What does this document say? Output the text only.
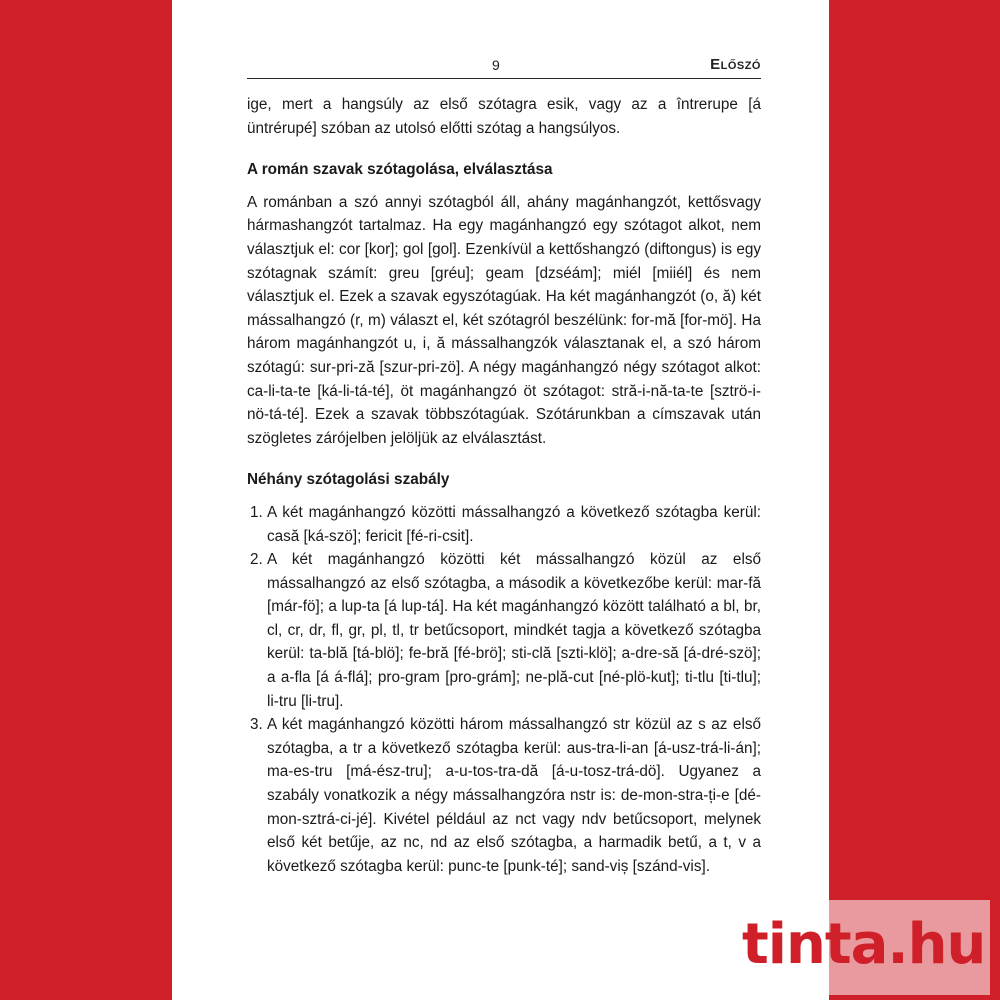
9	Előszó

ige, mert a hangsúly az első szótagra esik, vagy az a întrerupe [á üntrérupé] szóban az utolsó előtti szótag a hangsúlyos.

A román szavak szótagolása, elválasztása

A románban a szó annyi szótagból áll, ahány magánhangzót, kettősvagy hármashangzót tartalmaz. Ha egy magánhangzó egy szótagot alkot, nem választjuk el: cor [kor]; gol [gol]. Ezenkívül a kettőshangzó (diftongus) is egy szótagnak számít: greu [gréu]; geam [dzséám]; miél [miiél] és nem választjuk el. Ezek a szavak egyszótagúak. Ha két magánhangzót (o, ă) két mássalhangzó (r, m) választ el, két szótagról beszélünk: for-mă [for-mö]. Ha három magánhangzót u, i, ă mássalhangzók választanak el, a szó három szótagú: sur-pri-ză [szur-pri-zö]. A négy magánhangzó négy szótagot alkot: ca-li-ta-te [ká-li-tá-té], öt magánhangzó öt szótagot: stră-i-nă-ta-te [sztrö-i-nö-tá-té]. Ezek a szavak többszótagúak. Szótárunkban a címszavak után szögletes zárójelben jelöljük az elválasztást.

Néhány szótagolási szabály
1. A két magánhangzó közötti mássalhangzó a következő szótagba kerül: casă [ká-szö]; fericit [fé-ri-csit].
2. A két magánhangzó közötti két mássalhangzó közül az első mássalhangzó az első szótagba, a második a következőbe kerül: mar-fă [már-fö]; a lup-ta [á lup-tá]. Ha két magánhangzó között található a bl, br, cl, cr, dr, fl, gr, pl, tl, tr betűcsoport, mindkét tagja a következő szótagba kerül: ta-blă [tá-blö]; fe-bră [fé-brö]; sti-clă [szti-klö]; a-dre-să [á-dré-szö]; a a-fla [á á-flá]; pro-gram [pro-grám]; ne-plă-cut [né-plö-kut]; ti-tlu [ti-tlu]; li-tru [li-tru].
3. A két magánhangzó közötti három mássalhangzó str közül az s az első szótagba, a tr a következő szótagba kerül: aus-tra-li-an [á-usz-trá-li-án]; ma-es-tru [má-ész-tru]; a-u-tos-tra-dă [á-u-tosz-trá-dö]. Ugyanez a szabály vonatkozik a négy mássalhangzóra nstr is: de-mon-stra-ți-e [dé-mon-sztrá-ci-jé]. Kivétel például az nct vagy ndv betűcsoport, melynek első két betűje, az nc, nd az első szótagba, a harmadik betű, a t, v a következő szótagba kerül: punc-te [punk-té]; sand-viș [szánd-vis].
tinta.hu
